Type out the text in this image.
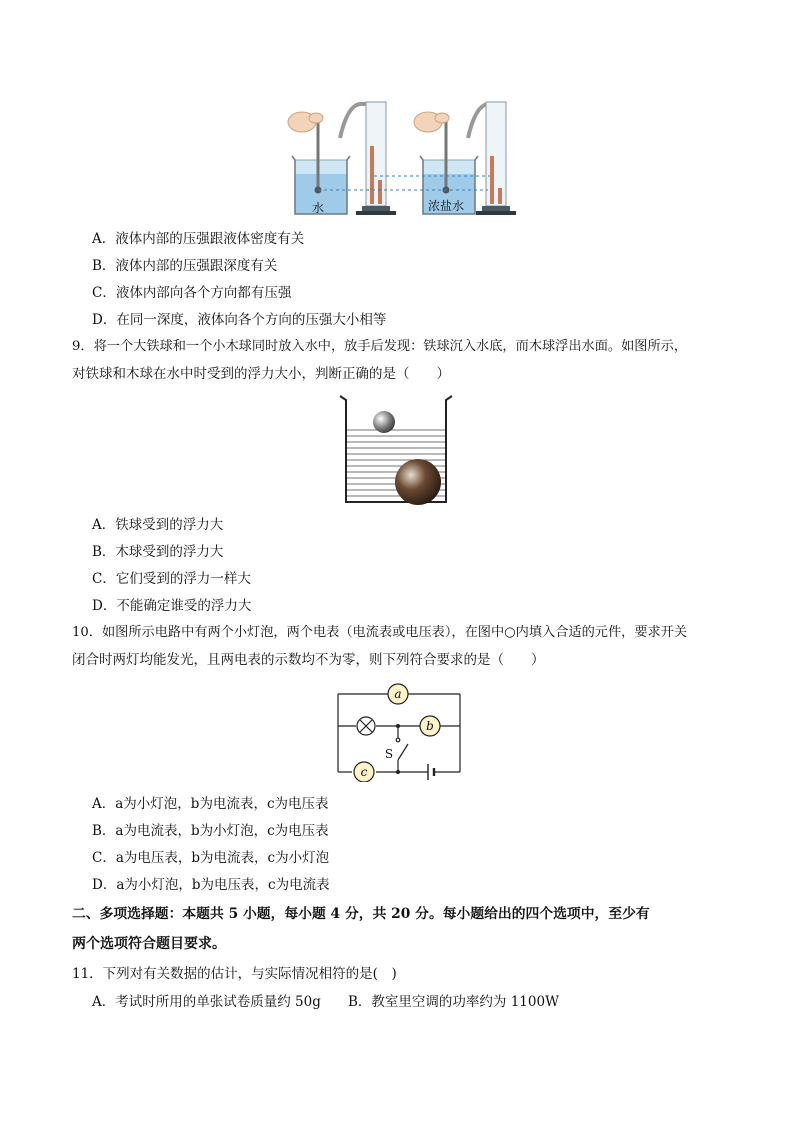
水	浓盐水
A．液体内部的压强跟液体密度有关
B．液体内部的压强跟深度有关
C．液体内部向各个方向都有压强
D．在同一深度，液体向各个方向的压强大小相等
9．将一个大铁球和一个小木球同时放入水中，放手后发现：铁球沉入水底，而木球浮出水面。如图所示，
对铁球和木球在水中时受到的浮力大小，判断正确的是（　　）
A．铁球受到的浮力大
B．木球受到的浮力大
C．它们受到的浮力一样大
D．不能确定谁受的浮力大
10．如图所示电路中有两个小灯泡，两个电表（电流表或电压表），在图中○内填入合适的元件，要求开关
闭合时两灯均能发光，且两电表的示数均不为零，则下列符合要求的是（　　）
a
b
c
S
A．a为小灯泡，b为电流表，c为电压表
B．a为电流表，b为小灯泡，c为电压表
C．a为电压表，b为电流表，c为小灯泡
D．a为小灯泡，b为电压表，c为电流表
二、多项选择题：本题共 5 小题，每小题 4 分，共 20 分。每小题给出的四个选项中，至少有
两个选项符合题目要求。
11．下列对有关数据的估计，与实际情况相符的是(　)
A．考试时所用的单张试卷质量约 50g B．教室里空调的功率约为 1100W
